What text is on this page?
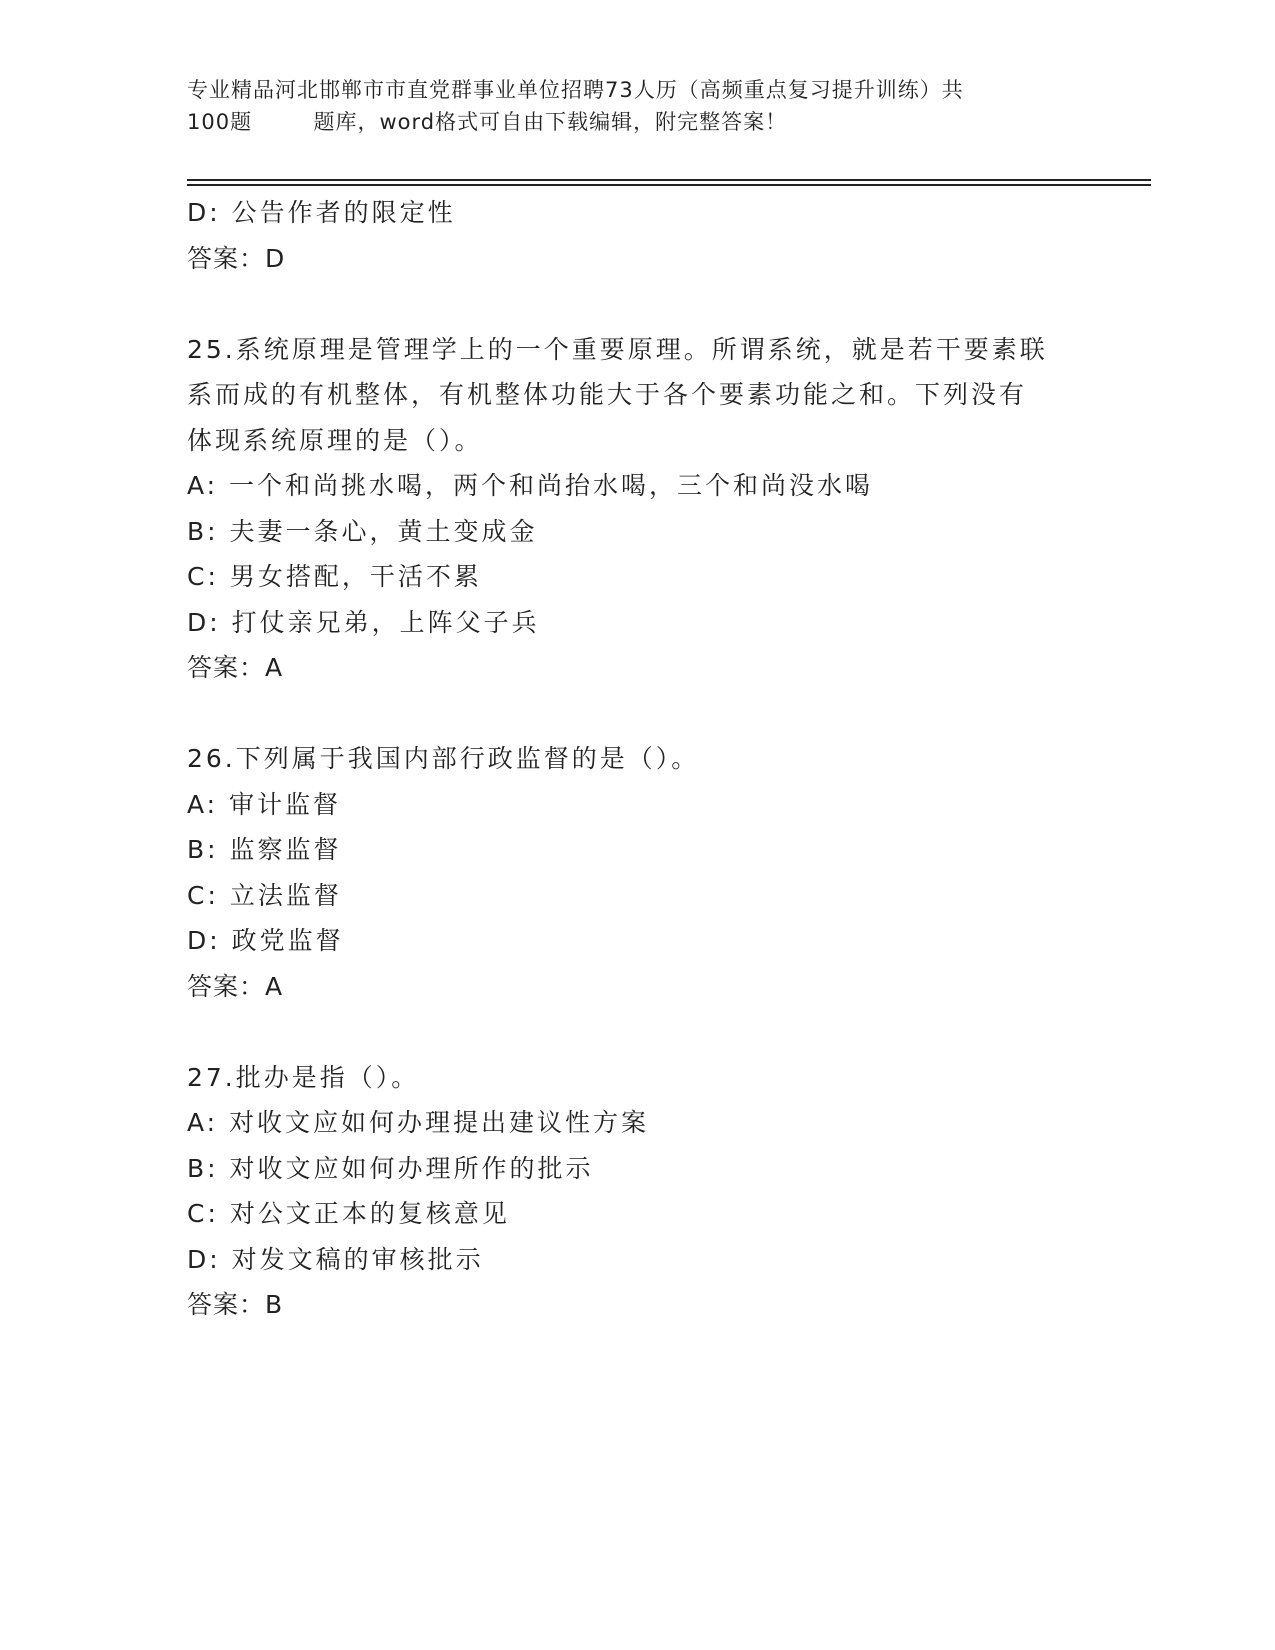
专业精品河北邯郸市市直党群事业单位招聘73人历（高频重点复习提升训练）共
100题        题库，word格式可自由下载编辑，附完整答案！
D: 公告作者的限定性
答案：D
25.系统原理是管理学上的一个重要原理。所谓系统，就是若干要素联
系而成的有机整体，有机整体功能大于各个要素功能之和。下列没有
体现系统原理的是（）。
A: 一个和尚挑水喝，两个和尚抬水喝，三个和尚没水喝
B: 夫妻一条心，黄土变成金
C: 男女搭配，干活不累
D: 打仗亲兄弟，上阵父子兵
答案：A
26.下列属于我国内部行政监督的是（）。
A: 审计监督
B: 监察监督
C: 立法监督
D: 政党监督
答案：A
27.批办是指（）。
A: 对收文应如何办理提出建议性方案
B: 对收文应如何办理所作的批示
C: 对公文正本的复核意见
D: 对发文稿的审核批示
答案：B
